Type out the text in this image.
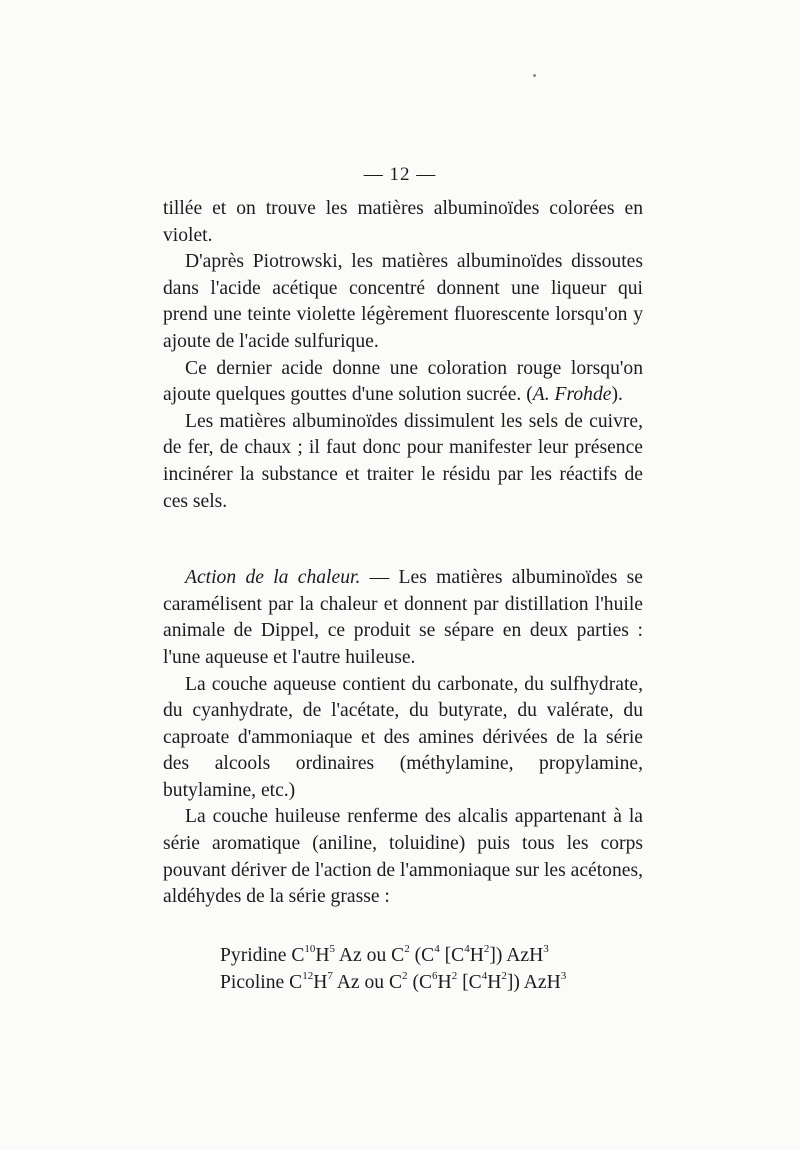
— 12 —

tillée et on trouve les matières albuminoïdes colorées en violet.

D'après Piotrowski, les matières albuminoïdes dissoutes dans l'acide acétique concentré donnent une liqueur qui prend une teinte violette légèrement fluorescente lorsqu'on y ajoute de l'acide sulfurique.

Ce dernier acide donne une coloration rouge lorsqu'on ajoute quelques gouttes d'une solution sucrée. (A. Frohde).

Les matières albuminoïdes dissimulent les sels de cuivre, de fer, de chaux ; il faut donc pour manifester leur présence incinérer la substance et traiter le résidu par les réactifs de ces sels.

Action de la chaleur. — Les matières albuminoïdes se caramélisent par la chaleur et donnent par distillation l'huile animale de Dippel, ce produit se sépare en deux parties : l'une aqueuse et l'autre huileuse.

La couche aqueuse contient du carbonate, du sulfhydrate, du cyanhydrate, de l'acétate, du butyrate, du valérate, du caproate d'ammoniaque et des amines dérivées de la série des alcools ordinaires (méthylamine, propylamine, butylamine, etc.)

La couche huileuse renferme des alcalis appartenant à la série aromatique (aniline, toluidine) puis tous les corps pouvant dériver de l'action de l'ammoniaque sur les acétones, aldéhydes de la série grasse :

Pyridine $C^{10}H^5$ Az ou $C^2$ ($C^4$ $[C^4H^2]$) AzH$^3$
Picoline $C^{12}H^7$ Az ou $C^2$ ($C^6H^2$ $[C^4H^2]$) AzH$^3$
